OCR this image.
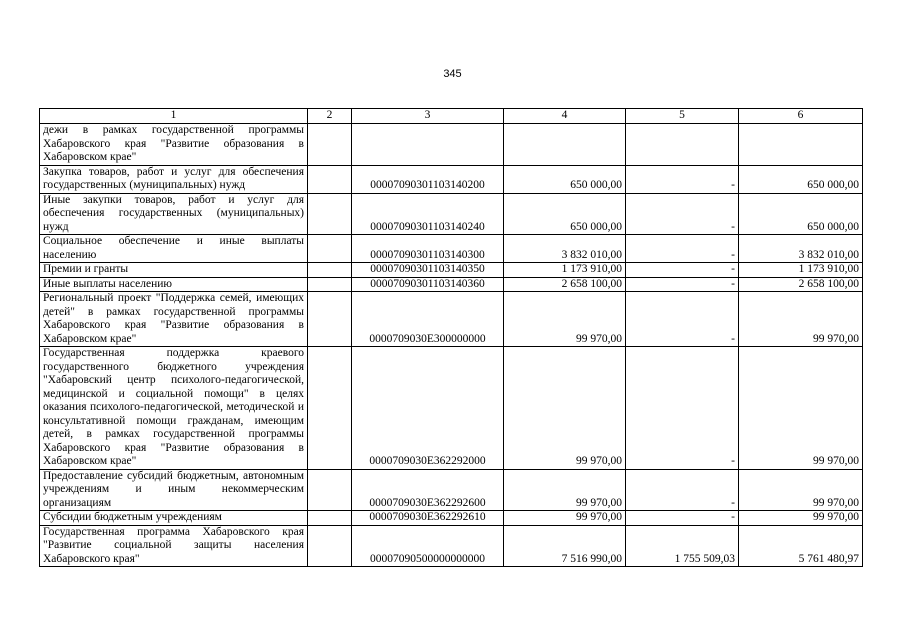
345
1	2	3	4	5	6
дежи в рамках государственной программы Хабаровского края "Развитие образования в Хабаровском крае"					
Закупка товаров, работ и услуг для обеспечения государственных (муниципальных) нужд		00007090301103140200	650 000,00	-	650 000,00
Иные закупки товаров, работ и услуг для обеспечения государственных (муниципальных) нужд		00007090301103140240	650 000,00	-	650 000,00
Социальное обеспечение и иные выплаты населению		00007090301103140300	3 832 010,00	-	3 832 010,00
Премии и гранты		00007090301103140350	1 173 910,00	-	1 173 910,00
Иные выплаты населению		00007090301103140360	2 658 100,00	-	2 658 100,00
Региональный проект "Поддержка семей, имеющих детей" в рамках государственной программы Хабаровского края "Развитие образования в Хабаровском крае"		0000709030E300000000	99 970,00	-	99 970,00
Государственная поддержка краевого государственного бюджетного учреждения "Хабаровский центр психолого-педагогической, медицинской и социальной помощи" в целях оказания психолого-педагогической, методической и консультативной помощи гражданам, имеющим детей, в рамках государственной программы Хабаровского края "Развитие образования в Хабаровском крае"		0000709030E362292000	99 970,00	-	99 970,00
Предоставление субсидий бюджетным, автономным учреждениям и иным некоммерческим организациям		0000709030E362292600	99 970,00	-	99 970,00
Субсидии бюджетным учреждениям		0000709030E362292610	99 970,00	-	99 970,00
Государственная программа Хабаровского края "Развитие социальной защиты населения Хабаровского края"		00007090500000000000	7 516 990,00	1 755 509,03	5 761 480,97
